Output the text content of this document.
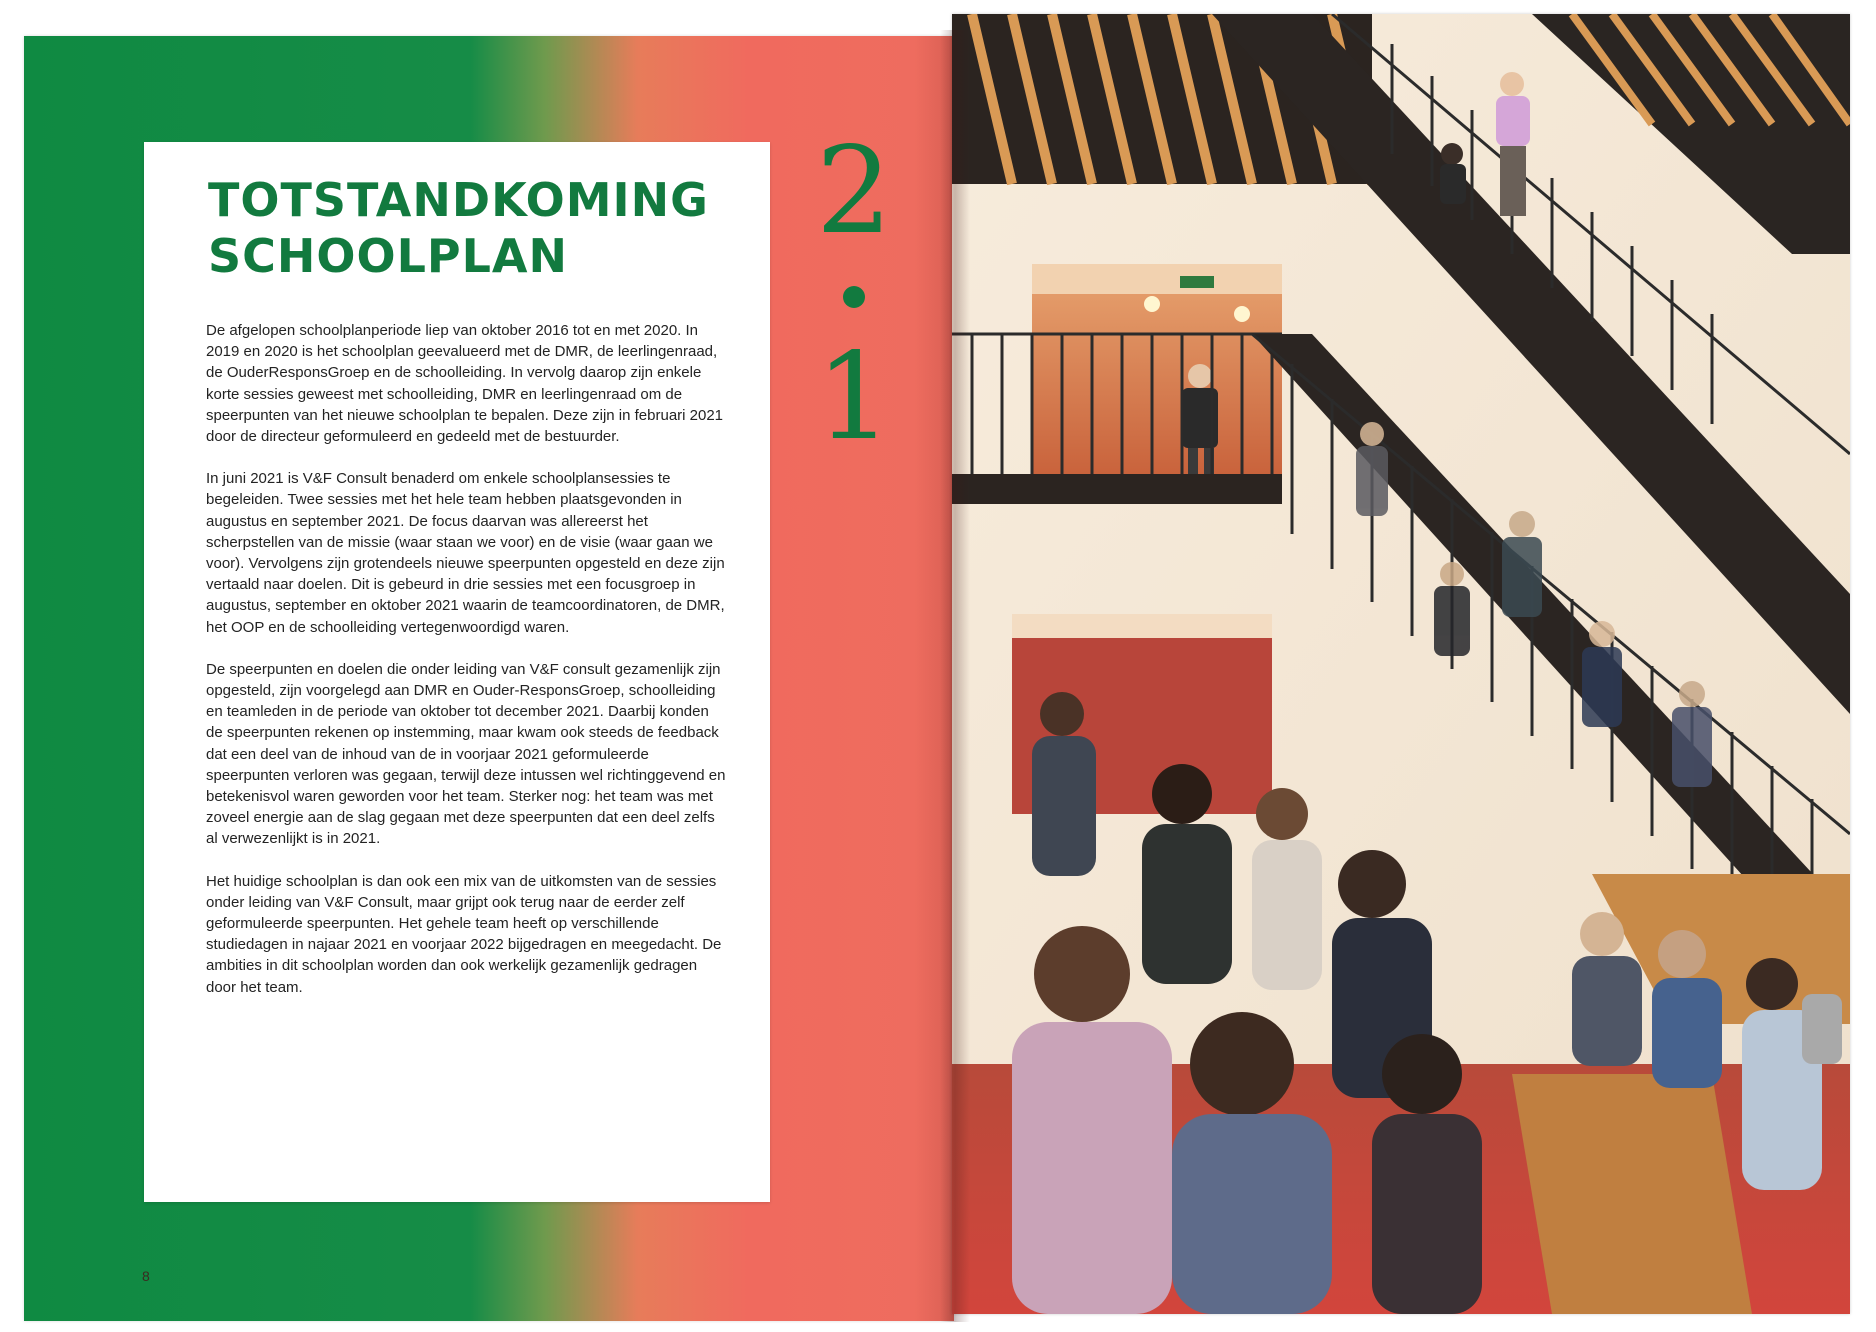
TOTSTANDKOMING
SCHOOLPLAN

De afgelopen schoolplanperiode liep van oktober 2016 tot en met 2020. In 2019 en 2020 is het schoolplan geevalueerd met de DMR, de leerlingenraad, de OuderResponsGroep en de schoolleiding. In vervolg daarop zijn enkele korte sessies geweest met schoolleiding, DMR en leerlingenraad om de speerpunten van het nieuwe schoolplan te bepalen. Deze zijn in februari 2021 door de directeur geformuleerd en gedeeld met de bestuurder.

In juni 2021 is V&F Consult benaderd om enkele schoolplansessies te begeleiden. Twee sessies met het hele team hebben plaatsgevonden in augustus en september 2021. De focus daarvan was allereerst het scherpstellen van de missie (waar staan we voor) en de visie (waar gaan we voor). Vervolgens zijn grotendeels nieuwe speerpunten opgesteld en deze zijn vertaald naar doelen. Dit is gebeurd in drie sessies met een focusgroep in augustus, september en oktober 2021 waarin de teamcoordinatoren, de DMR, het OOP en de schoolleiding vertegenwoordigd waren.

De speerpunten en doelen die onder leiding van V&F consult gezamenlijk zijn opgesteld, zijn voorgelegd aan DMR en Ouder-ResponsGroep, schoolleiding en teamleden in de periode van oktober tot december 2021. Daarbij konden de speerpunten rekenen op instemming, maar kwam ook steeds de feedback dat een deel van de inhoud van de in voorjaar 2021 geformuleerde speerpunten verloren was gegaan, terwijl deze intussen wel richtinggevend en betekenisvol waren geworden voor het team. Sterker nog: het team was met zoveel energie aan de slag gegaan met deze speerpunten dat een deel zelfs al verwezenlijkt is in 2021.

Het huidige schoolplan is dan ook een mix van de uitkomsten van de sessies onder leiding van V&F Consult, maar grijpt ook terug naar de eerder zelf geformuleerde speerpunten. Het gehele team heeft op verschillende studiedagen in najaar 2021 en voorjaar 2022 bijgedragen en meegedacht. De ambities in dit schoolplan worden dan ook werkelijk gezamenlijk gedragen door het team.

2
1
8
